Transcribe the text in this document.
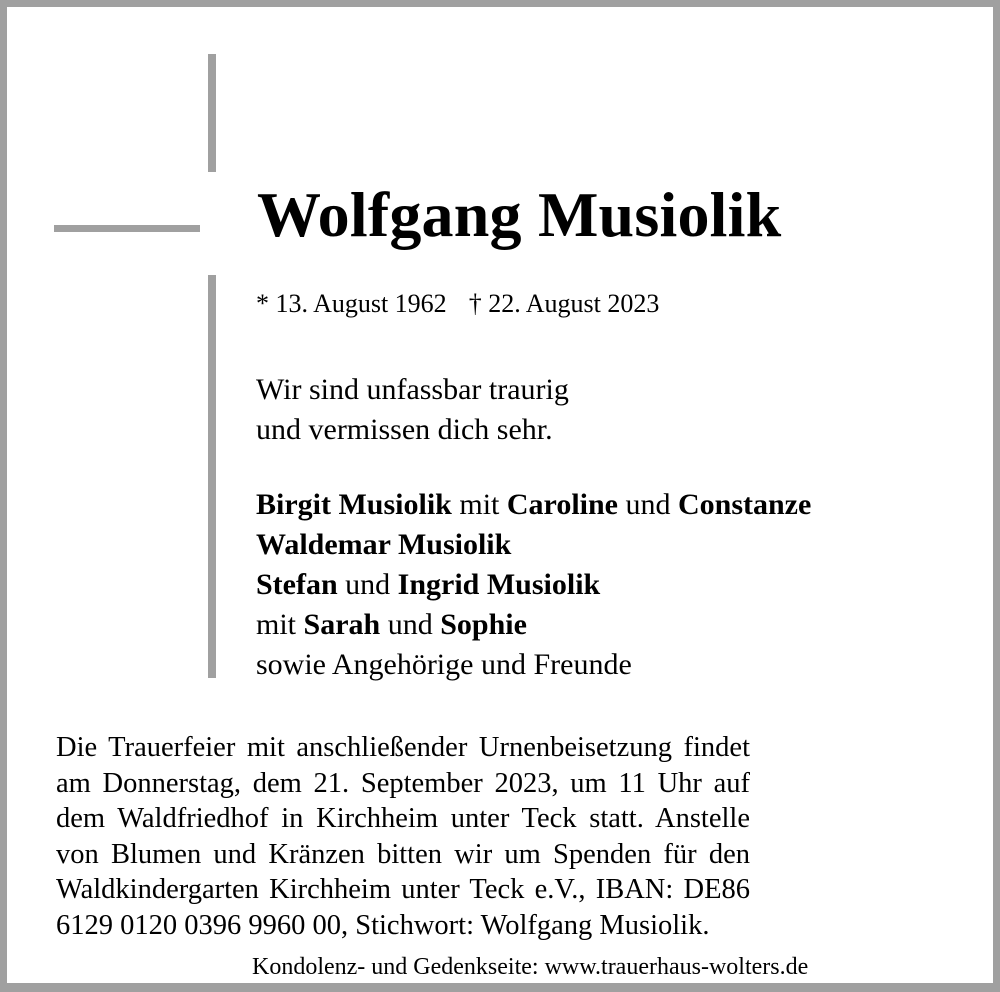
Wolfgang Musiolik
* 13. August 1962 † 22. August 2023
Wir sind unfassbar traurig
und vermissen dich sehr.
Birgit Musiolik mit Caroline und Constanze
Waldemar Musiolik
Stefan und Ingrid Musiolik
mit Sarah und Sophie
sowie Angehörige und Freunde
Die Trauerfeier mit anschließender Urnenbeisetzung findet am Donnerstag, dem 21. September 2023, um 11 Uhr auf dem Waldfriedhof in Kirchheim unter Teck statt. Anstelle von Blumen und Kränzen bitten wir um Spenden für den Waldkindergarten Kirchheim unter Teck e.V., IBAN: DE86 6129 0120 0396 9960 00, Stichwort: Wolfgang Musiolik.
Kondolenz- und Gedenkseite: www.trauerhaus-wolters.de
